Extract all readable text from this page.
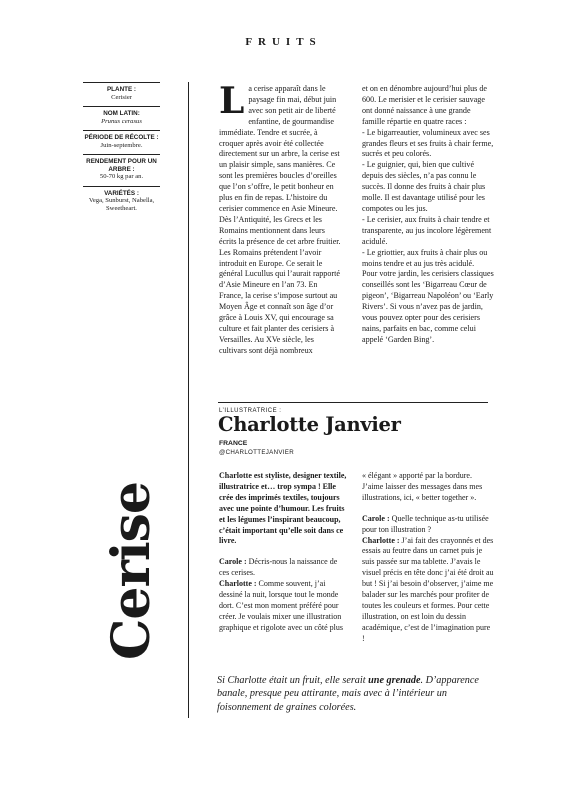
FRUITS
PLANTE :
Cerisier
NOM LATIN:
Prunus cerasus
PÉRIODE DE RÉCOLTE :
Juin-septembre.
RENDEMENT POUR UN ARBRE :
50-70 kg par an.
VARIÉTÉS :
Vega, Sunburst, Nabella, Sweetheart.
Cerise
L a cerise apparaît dans le paysage fin mai, début juin avec son petit air de liberté enfantine, de gourmandise immédiate. Tendre et sucrée, à croquer après avoir été collectée directement sur un arbre, la cerise est un plaisir simple, sans manières. Ce sont les premières boucles d’oreilles que l’on s’offre, le petit bonheur en plus en fin de repas. L’histoire du cerisier commence en Asie Mineure. Dès l’Antiquité, les Grecs et les Romains mentionnent dans leurs écrits la présence de cet arbre fruitier. Les Romains prétendent l’avoir introduit en Europe. Ce serait le général Lucullus qui l’aurait rapporté d’Asie Mineure en l’an 73. En France, la cerise s’impose surtout au Moyen Âge et connaît son âge d’or grâce à Louis XV, qui encourage sa culture et fait planter des cerisiers à Versailles. Au XVe siècle, les cultivars sont déjà nombreux

et on en dénombre aujourd’hui plus de 600. Le merisier et le cerisier sauvage ont donné naissance à une grande famille répartie en quatre races :

- Le bigarreautier, volumineux avec ses grandes fleurs et ses fruits à chair ferme, sucrés et peu colorés.

- Le guignier, qui, bien que cultivé depuis des siècles, n’a pas connu le succès. Il donne des fruits à chair plus molle. Il est davantage utilisé pour les compotes ou les jus.

- Le cerisier, aux fruits à chair tendre et transparente, au jus incolore légèrement acidulé.

- Le griottier, aux fruits à chair plus ou moins tendre et au jus très acidulé.

Pour votre jardin, les cerisiers classiques conseillés sont les ‘Bigarreau Cœur de pigeon’, ‘Bigarreau Napoléon’ ou ‘Early Rivers’. Si vous n’avez pas de jardin, vous pouvez opter pour des cerisiers nains, parfaits en bac, comme celui appelé ‘Garden Bing’.

L’ILLUSTRATRICE :
Charlotte Janvier
FRANCE
@CHARLOTTEJANVIER

Charlotte est styliste, designer textile, illustratrice et… trop sympa ! Elle crée des imprimés textiles, toujours avec une pointe d’humour. Les fruits et les légumes l’inspirant beaucoup, c’était important qu’elle soit dans ce livre.

Carole : Décris-nous la naissance de ces cerises.

Charlotte : Comme souvent, j’ai dessiné la nuit, lorsque tout le monde dort. C’est mon moment préféré pour créer. Je voulais mixer une illustration graphique et rigolote avec un côté plus

« élégant » apporté par la bordure. J’aime laisser des messages dans mes illustrations, ici, « better together ».

Carole : Quelle technique as-tu utilisée pour ton illustration ?

Charlotte : J’ai fait des crayonnés et des essais au feutre dans un carnet puis je suis passée sur ma tablette. J’avais le visuel précis en tête donc j’ai été droit au but ! Si j’ai besoin d’observer, j’aime me balader sur les marchés pour profiter de toutes les couleurs et formes. Pour cette illustration, on est loin du dessin académique, c’est de l’imagination pure !

Si Charlotte était un fruit, elle serait une grenade. D’apparence banale, presque peu attirante, mais avec à l’intérieur un foisonnement de graines colorées.
